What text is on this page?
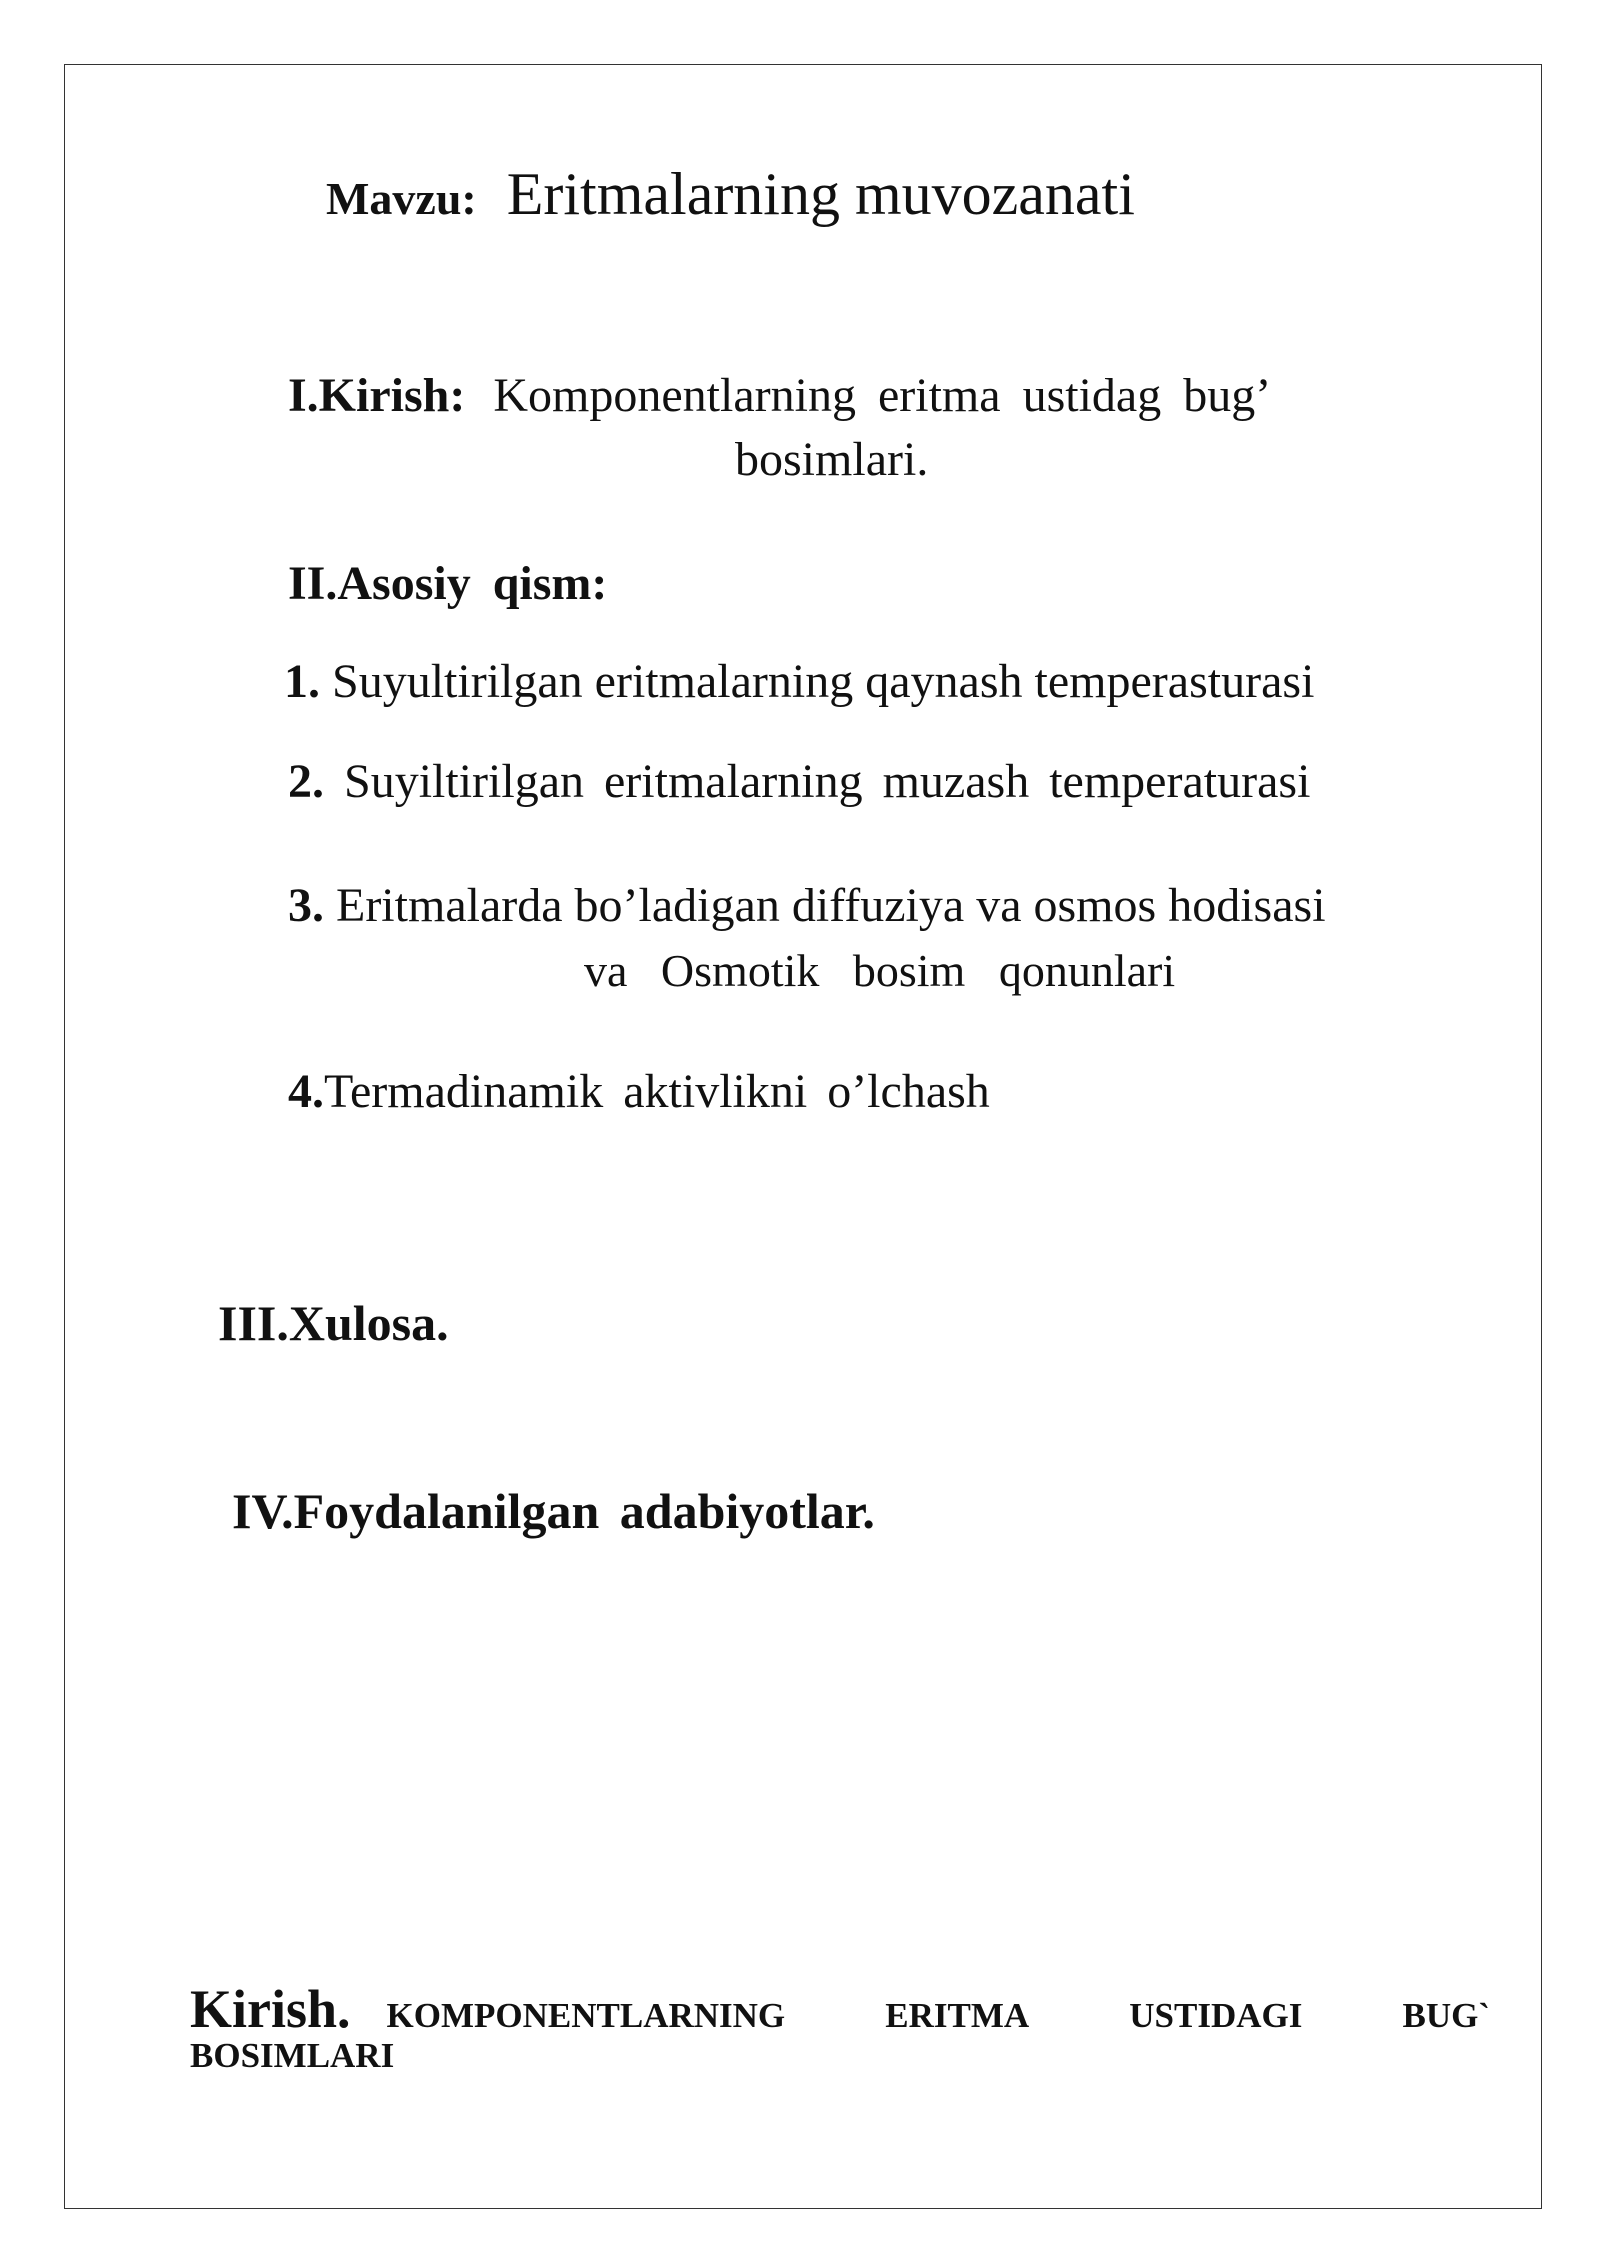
Mavzu: Eritmalarning muvozanati
I.Kirish: Komponentlarning eritma ustidag bug’
bosimlari.
II.Asosiy qism:
1. Suyultirilgan eritmalarning qaynash temperasturasi
2. Suyiltirilgan eritmalarning muzash temperaturasi
3. Eritmalarda bo’ladigan diffuziya va osmos hodisasi
va Osmotik bosim qonunlari
4.Termadinamik aktivlikni o’lchash
III.Xulosa.
IV.Foydalanilgan adabiyotlar.
Kirish. KOMPONENTLARNING	ERITMA	USTIDAGI	BUG`
BOSIMLARI
